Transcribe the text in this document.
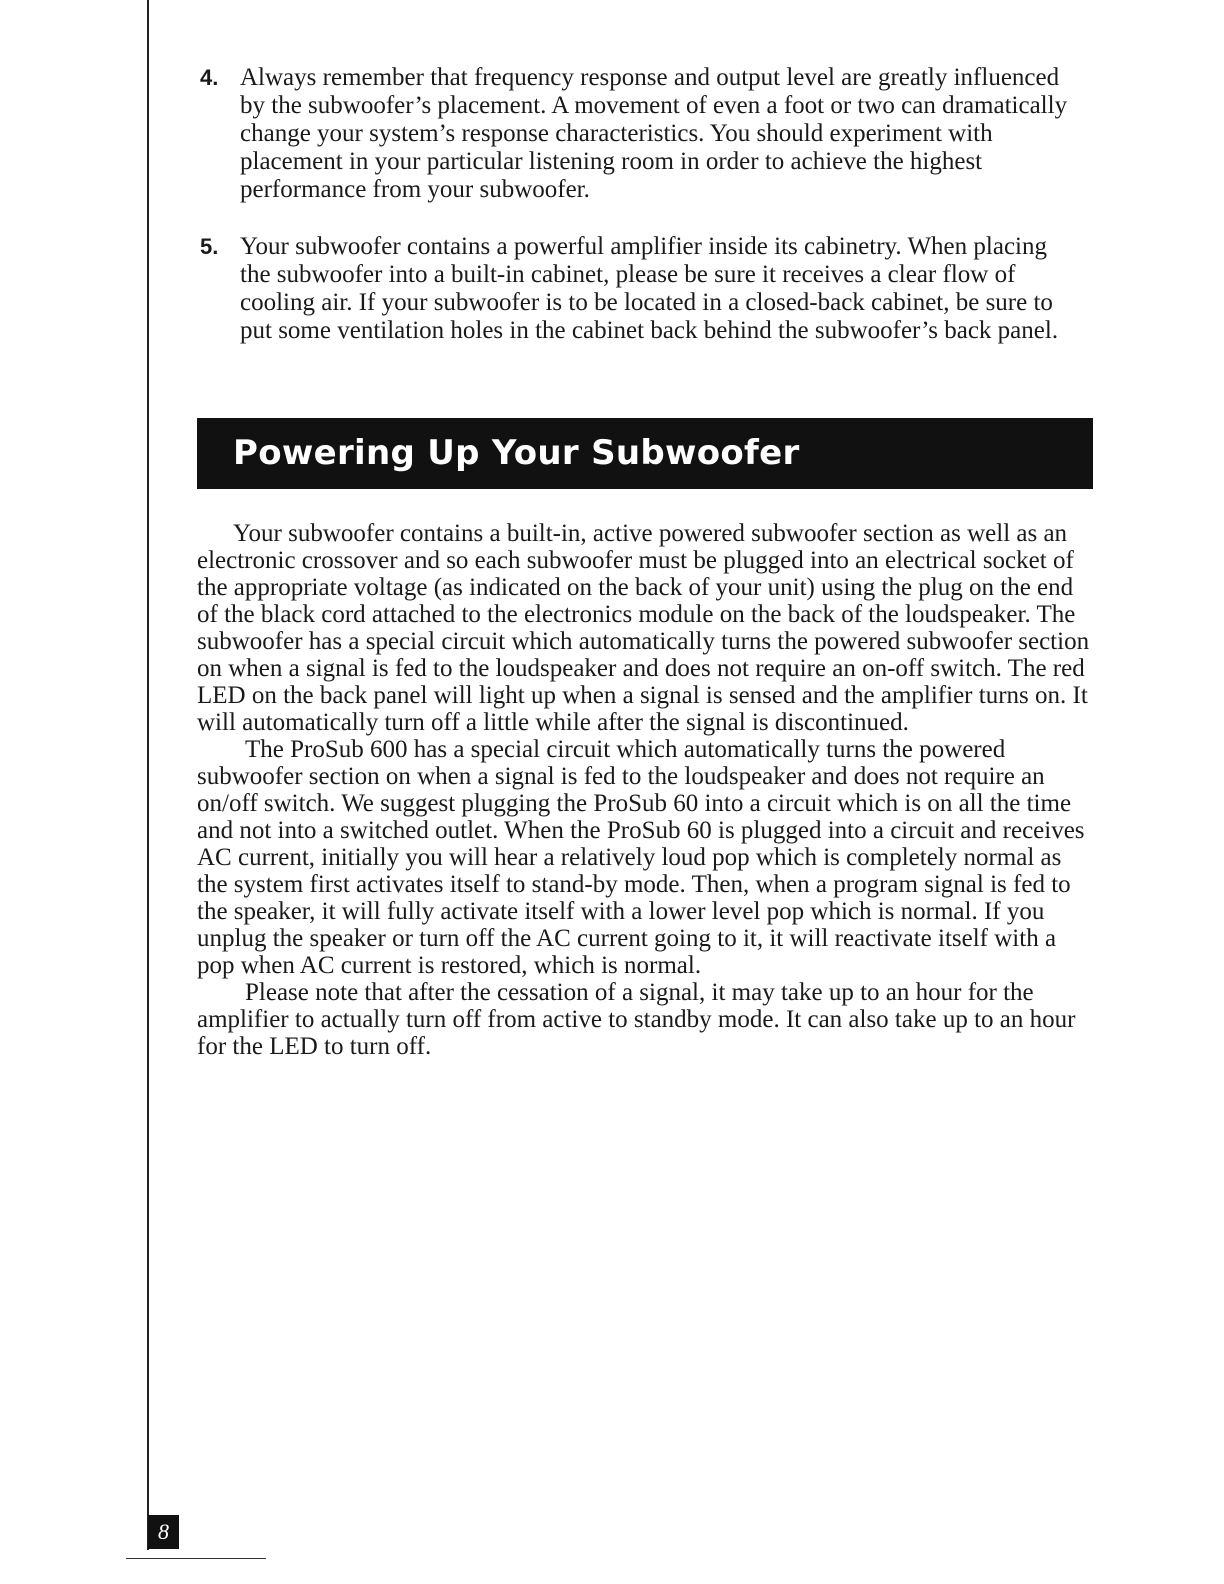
4. Always remember that frequency response and output level are greatly influenced by the subwoofer’s placement. A movement of even a foot or two can dramatically change your system’s response characteristics. You should experiment with placement in your particular listening room in order to achieve the highest performance from your subwoofer.
5. Your subwoofer contains a powerful amplifier inside its cabinetry. When placing the subwoofer into a built-in cabinet, please be sure it receives a clear flow of cooling air. If your subwoofer is to be located in a closed-back cabinet, be sure to put some ventilation holes in the cabinet back behind the subwoofer’s back panel.
Powering Up Your Subwoofer

Your subwoofer contains a built-in, active powered subwoofer section as well as an electronic crossover and so each subwoofer must be plugged into an electrical socket of the appropriate voltage (as indicated on the back of your unit) using the plug on the end of the black cord attached to the electronics module on the back of the loudspeaker. The subwoofer has a special circuit which automatically turns the powered subwoofer section on when a signal is fed to the loudspeaker and does not require an on-off switch. The red LED on the back panel will light up when a signal is sensed and the amplifier turns on. It will automatically turn off a little while after the signal is discontinued.

The ProSub 600 has a special circuit which automatically turns the powered subwoofer section on when a signal is fed to the loudspeaker and does not require an on/off switch. We suggest plugging the ProSub 60 into a circuit which is on all the time and not into a switched outlet. When the ProSub 60 is plugged into a circuit and receives AC current, initially you will hear a relatively loud pop which is completely normal as the system first activates itself to stand-by mode. Then, when a program signal is fed to the speaker, it will fully activate itself with a lower level pop which is normal. If you unplug the speaker or turn off the AC current going to it, it will reactivate itself with a pop when AC current is restored, which is normal.

Please note that after the cessation of a signal, it may take up to an hour for the amplifier to actually turn off from active to standby mode. It can also take up to an hour for the LED to turn off.

8
